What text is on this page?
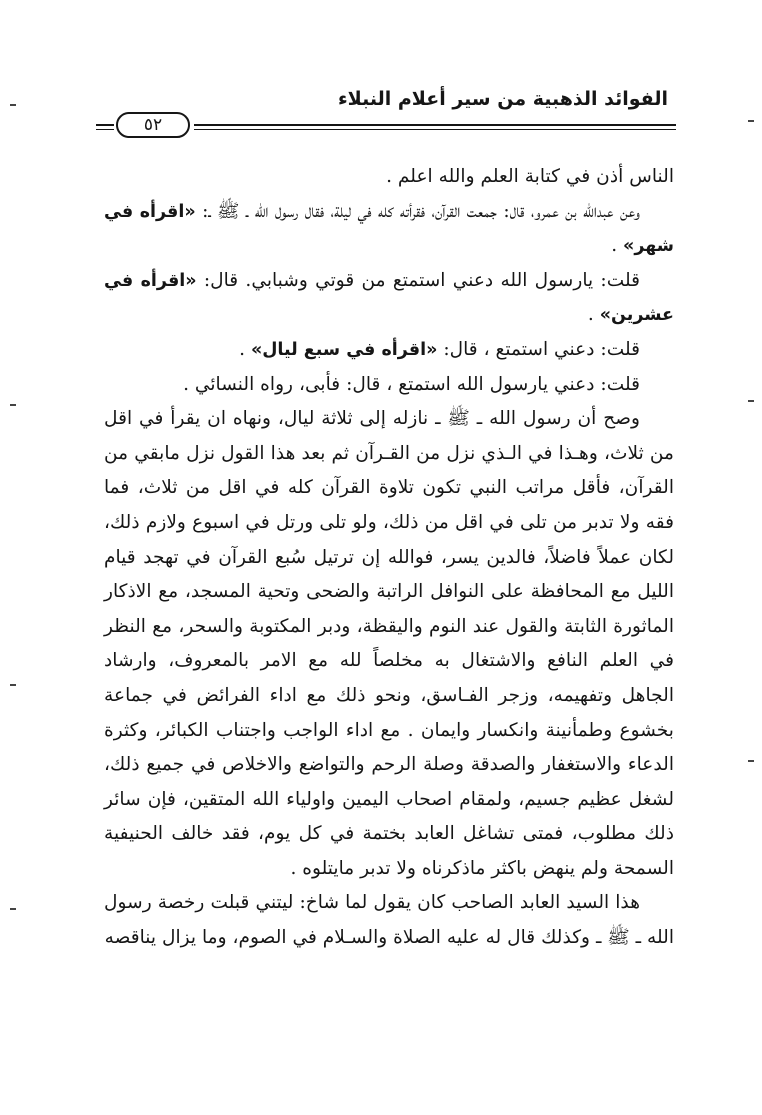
الفوائد الذهبية من سير أعلام النبلاء
٥٢

الناس أذن في كتابة العلم والله اعلم .

وعن عبدالله بن عمرو، قال: جمعت القرآن، فقرأته كله في ليلة، فقال رسول الله ـ ﷺ ـ: «اقرأه في شهر» .

قلت: يارسول الله دعني استمتع من قوتي وشبابي. قال: «اقرأه في عشرين» .

قلت: دعني استمتع ، قال: «اقرأه في سبع ليال» .

قلت: دعني يارسول الله استمتع ، قال: فأبى، رواه النسائي .

وصح أن رسول الله ـ ﷺ ـ نازله إلى ثلاثة ليال، ونهاه ان يقرأ في اقل من ثلاث، وهـذا في الـذي نزل من القـرآن ثم بعد هذا القول نزل مابقي من القرآن، فأقل مراتب النبي تكون تلاوة القرآن كله في اقل من ثلاث، فما فقه ولا تدبر من تلى في اقل من ذلك، ولو تلى ورتل في اسبوع ولازم ذلك، لكان عملاً فاضلاً، فالدين يسر، فوالله إن ترتيل سُبع القرآن في تهجد قيام الليل مع المحافظة على النوافل الراتبة والضحى وتحية المسجد، مع الاذكار الماثورة الثابتة والقول عند النوم واليقظة، ودبر المكتوبة والسحر، مع النظر في العلم النافع والاشتغال به مخلصاً لله مع الامر بالمعروف، وارشاد الجاهل وتفهيمه، وزجر الفـاسق، ونحو ذلك مع اداء الفرائض في جماعة بخشوع وطمأنينة وانكسار وايمان . مع اداء الواجب واجتناب الكبائر، وكثرة الدعاء والاستغفار والصدقة وصلة الرحم والتواضع والاخلاص في جميع ذلك، لشغل عظيم جسيم، ولمقام اصحاب اليمين واولياء الله المتقين، فإن سائر ذلك مطلوب، فمتى تشاغل العابد بختمة في كل يوم، فقد خالف الحنيفية السمحة ولم ينهض باكثر ماذكرناه ولا تدبر مايتلوه .

هذا السيد العابد الصاحب كان يقول لما شاخ: ليتني قبلت رخصة رسول الله ـ ﷺ ـ وكذلك قال له عليه الصلاة والسـلام في الصوم، وما يزال يناقصه
